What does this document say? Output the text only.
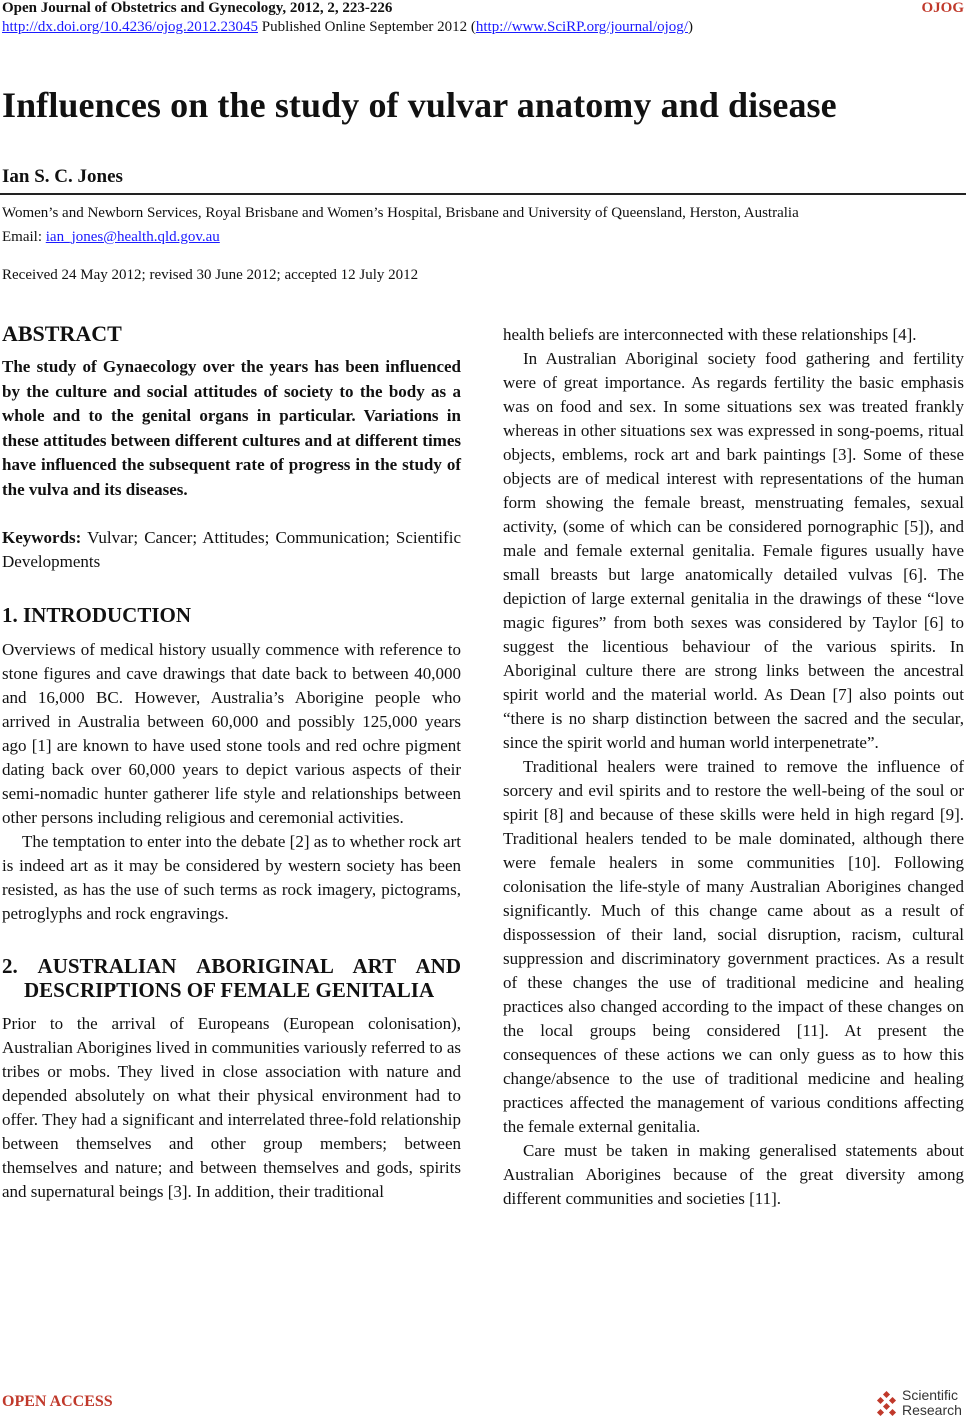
Open Journal of Obstetrics and Gynecology, 2012, 2, 223-226	OJOG
http://dx.doi.org/10.4236/ojog.2012.23045 Published Online September 2012 (http://www.SciRP.org/journal/ojog/)
Influences on the study of vulvar anatomy and disease
Ian S. C. Jones
Women’s and Newborn Services, Royal Brisbane and Women’s Hospital, Brisbane and University of Queensland, Herston, Australia
Email: ian_jones@health.qld.gov.au
Received 24 May 2012; revised 30 June 2012; accepted 12 July 2012
ABSTRACT
The study of Gynaecology over the years has been influenced by the culture and social attitudes of society to the body as a whole and to the genital organs in particular. Variations in these attitudes between different cultures and at different times have influenced the subsequent rate of progress in the study of the vulva and its diseases.
Keywords: Vulvar; Cancer; Attitudes; Communication; Scientific Developments
1. INTRODUCTION

Overviews of medical history usually commence with reference to stone figures and cave drawings that date back to between 40,000 and 16,000 BC. However, Australia’s Aborigine people who arrived in Australia between 60,000 and possibly 125,000 years ago [1] are known to have used stone tools and red ochre pigment dating back over 60,000 years to depict various aspects of their semi-nomadic hunter gatherer life style and relationships between other persons including religious and ceremonial activities.

The temptation to enter into the debate [2] as to whether rock art is indeed art as it may be considered by western society has been resisted, as has the use of such terms as rock imagery, pictograms, petroglyphs and rock engravings.

2. AUSTRALIAN ABORIGINAL ART AND DESCRIPTIONS OF FEMALE GENITALIA

Prior to the arrival of Europeans (European colonisation), Australian Aborigines lived in communities variously referred to as tribes or mobs. They lived in close association with nature and depended absolutely on what their physical environment had to offer. They had a significant and interrelated three-fold relationship between themselves and other group members; between themselves and nature; and between themselves and gods, spirits and supernatural beings [3]. In addition, their traditional

health beliefs are interconnected with these relationships [4].

In Australian Aboriginal society food gathering and fertility were of great importance. As regards fertility the basic emphasis was on food and sex. In some situations sex was treated frankly whereas in other situations sex was expressed in song-poems, ritual objects, emblems, rock art and bark paintings [3]. Some of these objects are of medical interest with representations of the human form showing the female breast, menstruating females, sexual activity, (some of which can be considered pornographic [5]), and male and female external genitalia. Female figures usually have small breasts but large anatomically detailed vulvas [6]. The depiction of large external genitalia in the drawings of these “love magic figures” from both sexes was considered by Taylor [6] to suggest the licentious behaviour of the various spirits. In Aboriginal culture there are strong links between the ancestral spirit world and the material world. As Dean [7] also points out “there is no sharp distinction between the sacred and the secular, since the spirit world and human world interpenetrate”.

Traditional healers were trained to remove the influence of sorcery and evil spirits and to restore the well-being of the soul or spirit [8] and because of these skills were held in high regard [9]. Traditional healers tended to be male dominated, although there were female healers in some communities [10]. Following colonisation the life-style of many Australian Aborigines changed significantly. Much of this change came about as a result of dispossession of their land, social disruption, racism, cultural suppression and discriminatory government practices. As a result of these changes the use of traditional medicine and healing practices also changed according to the impact of these changes on the local groups being considered [11]. At present the consequences of these actions we can only guess as to how this change/absence to the use of traditional medicine and healing practices affected the management of various conditions affecting the female external genitalia.

Care must be taken in making generalised statements about Australian Aborigines because of the great diversity among different communities and societies [11].

OPEN ACCESS	Scientific
Research
